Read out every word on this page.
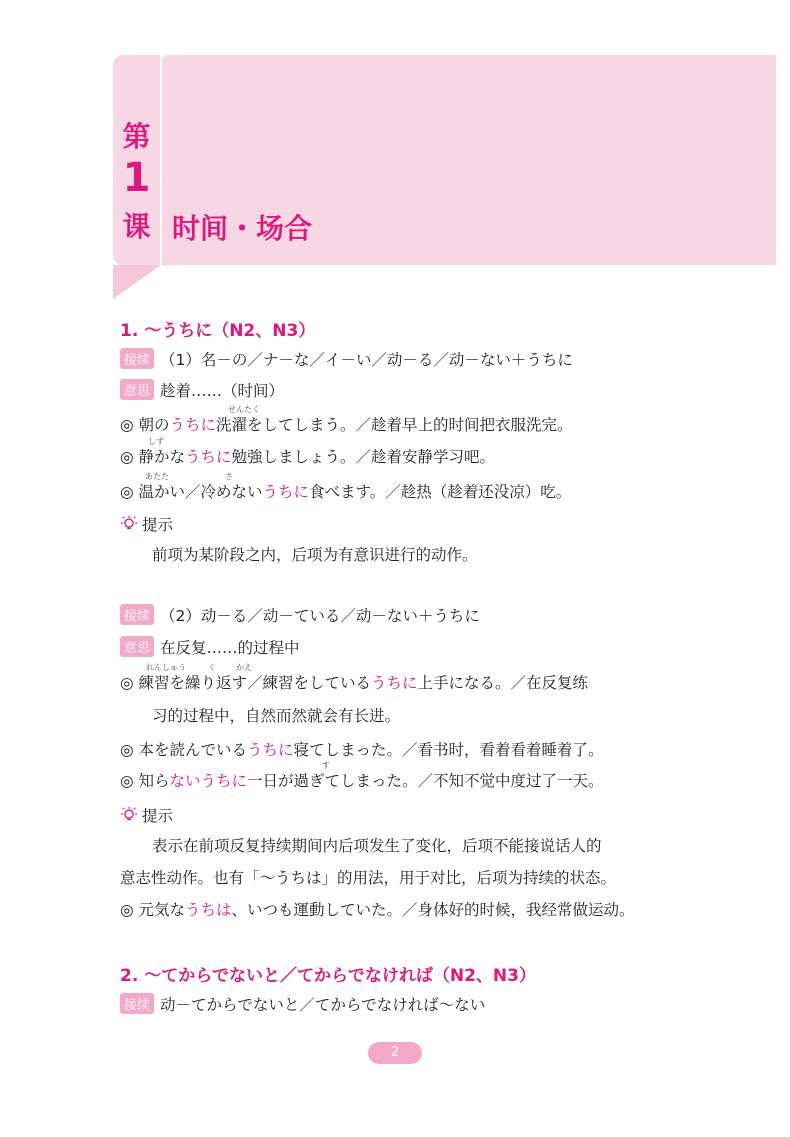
第
1
课 时间・场合
1. ～うちに（N2、N3）
接续 （1）名－の／ナ－な／イ－い／动－る／动－ない＋うちに
意思 趁着……（时间）
せんたく
◎ 朝のうちに洗濯をしてしまう。／趁着早上的时间把衣服洗完。
しず
◎ 静かなうちに勉強しましょう。／趁着安静学习吧。
あたた	さ
◎ 温かい／冷めないうちに食べます。／趁热（趁着还没凉）吃。
提示
前项为某阶段之内，后项为有意识进行的动作。
接续 （2）动－る／动－ている／动－ない＋うちに
意思 在反复……的过程中
れんしゅう	く	かえ
◎ 練習を繰り返す／練習をしているうちに上手になる。／在反复练
习的过程中，自然而然就会有长进。
◎ 本を読んでいるうちに寝てしまった。／看书时，看着看着睡着了。
す
◎ 知らないうちに一日が過ぎてしまった。／不知不觉中度过了一天。
提示
表示在前项反复持续期间内后项发生了变化，后项不能接说话人的
意志性动作。也有「～うちは」的用法，用于对比，后项为持续的状态。
◎ 元気なうちは、いつも運動していた。／身体好的时候，我经常做运动。
2. ～てからでないと／てからでなければ（N2、N3）
接续 动－てからでないと／てからでなければ～ない
2
